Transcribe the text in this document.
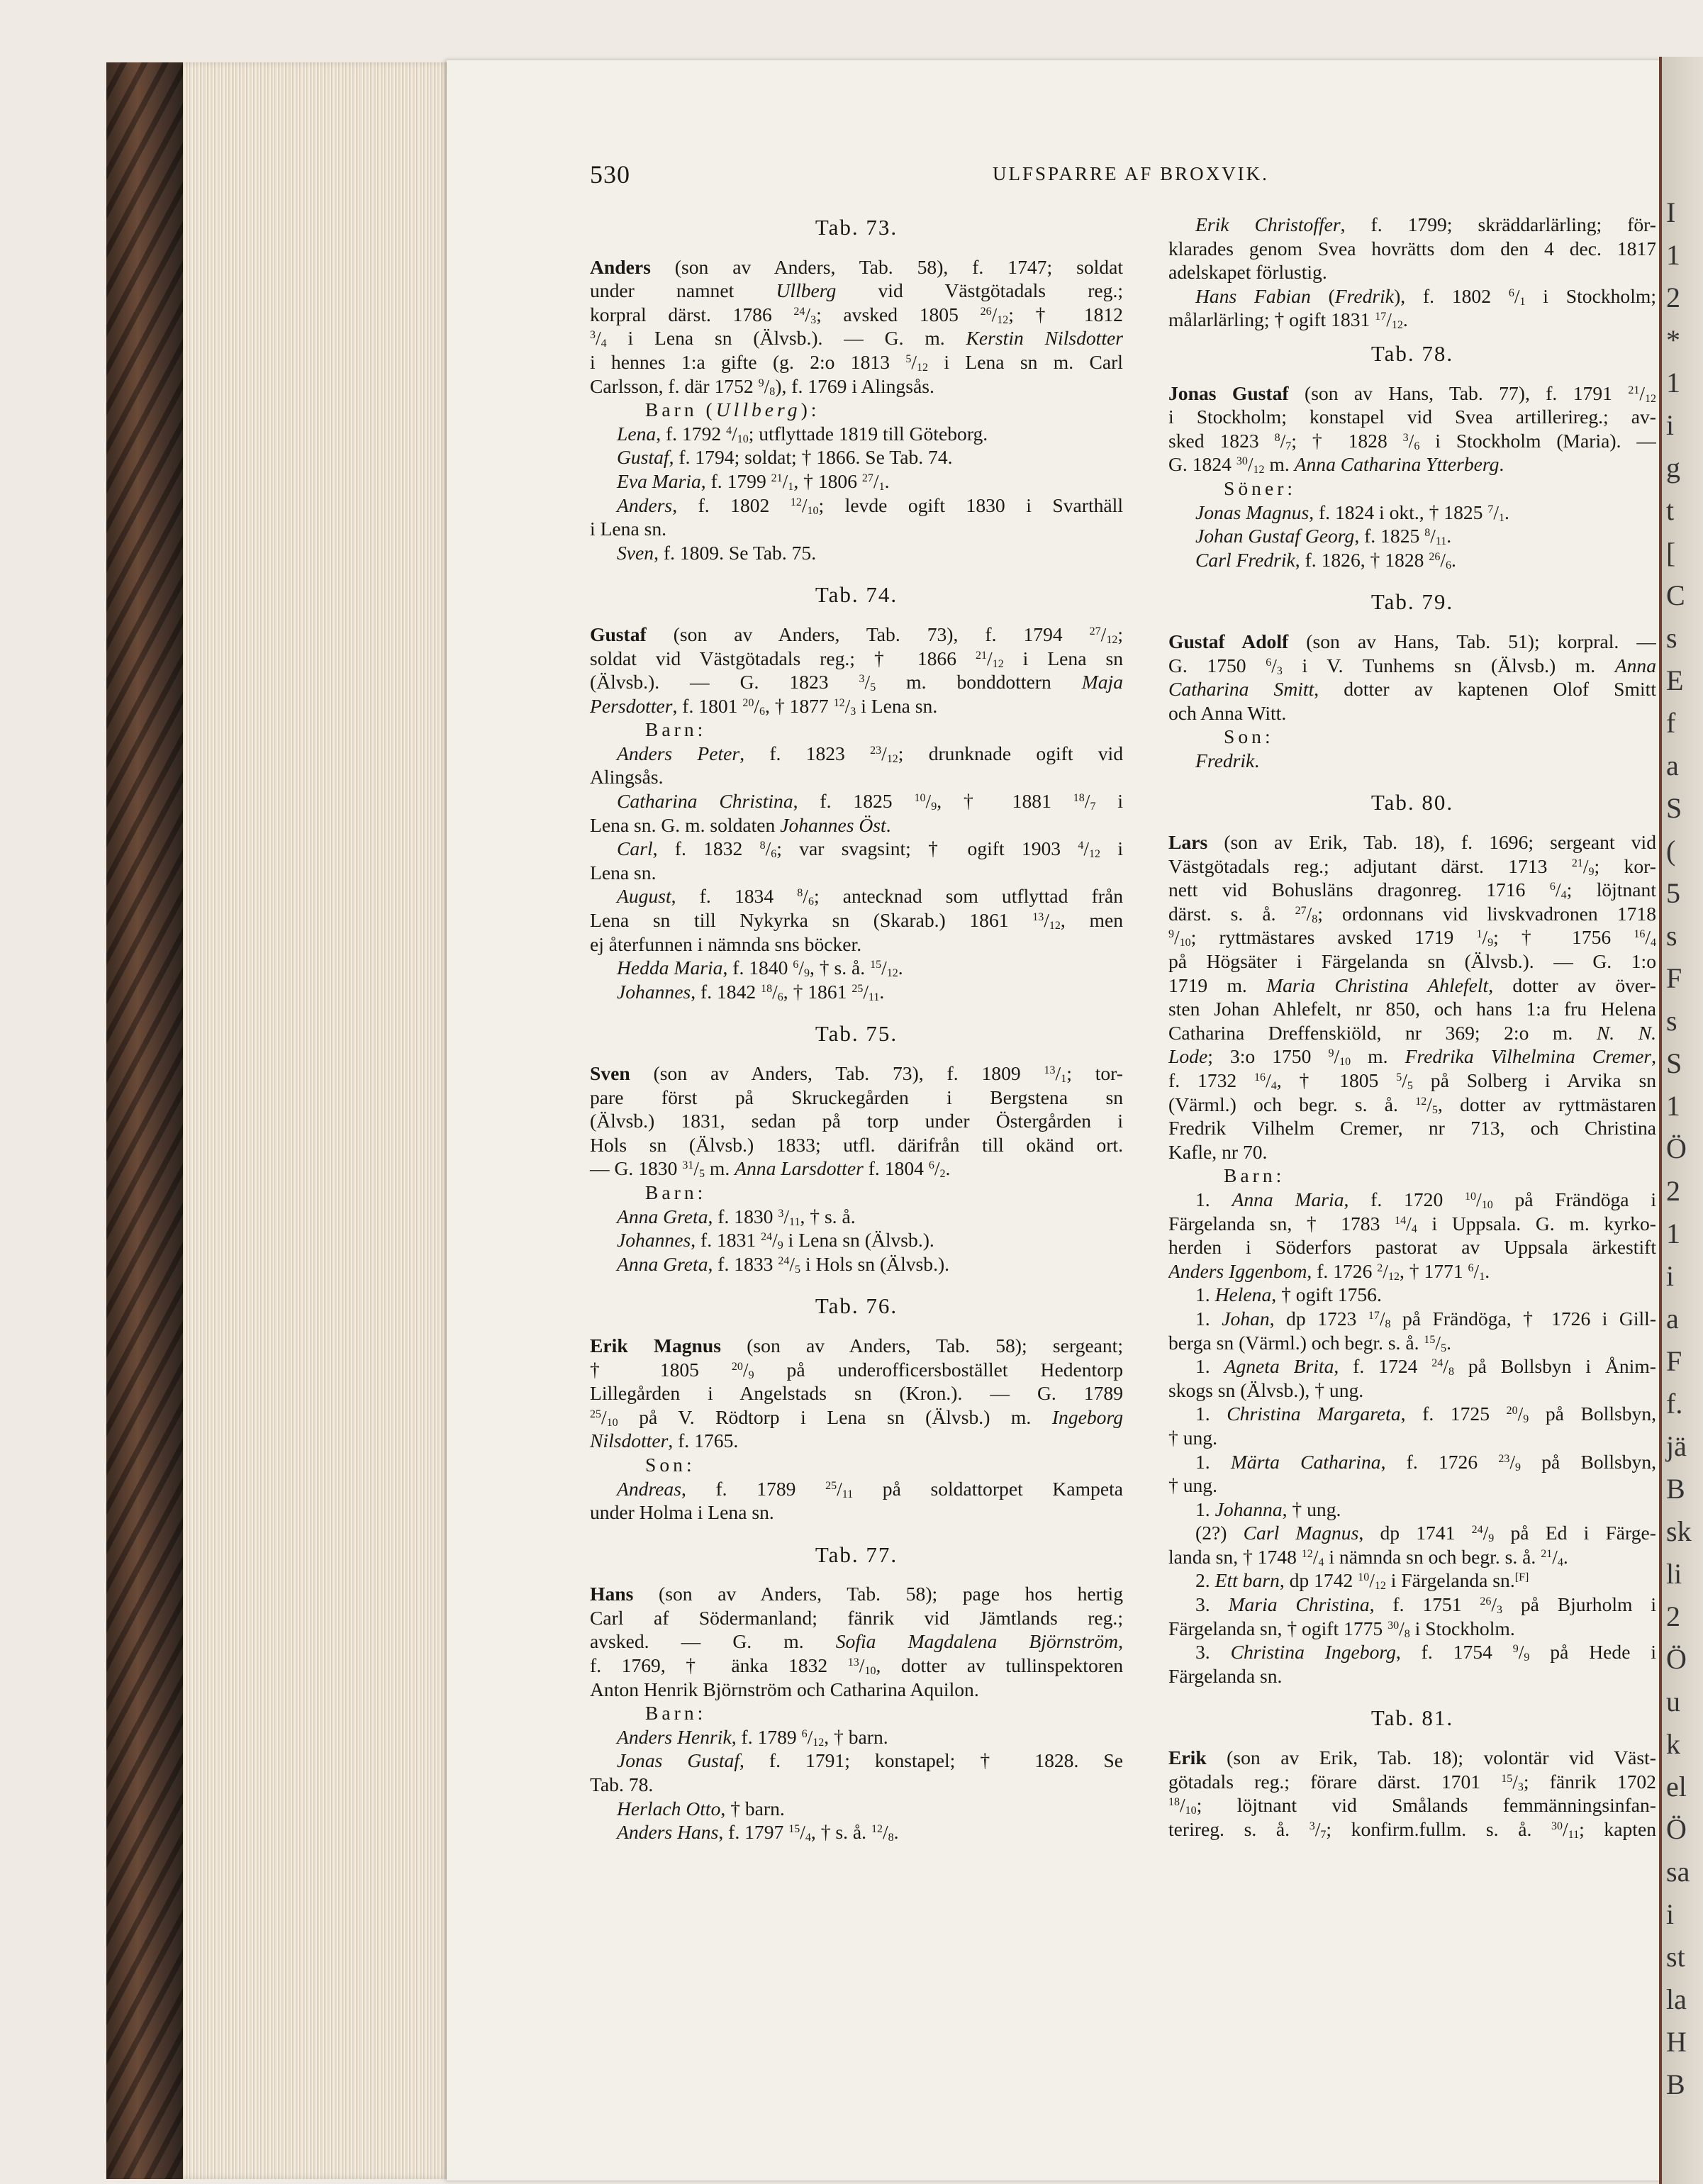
I
1
2
*
1
i
g
t
[
C
s
E
f
a
S
(
5
s
F
s
S
1
Ö
2
1
i
a
F
f.
jä
B
sk
li
2
Ö
u
k
el
Ö
sa
i
st
la
H
B
530	ULFSPARRE AF BROXVIK.
Tab. 73.
Anders (son av Anders, Tab. 58), f. 1747; soldat
under namnet Ullberg vid Västgötadals reg.;
korpral därst. 1786 $^{24}/_3$; avsked 1805 $^{26}/_{12}$; † 1812
$^3/_4$ i Lena sn (Älvsb.). — G. m. Kerstin Nilsdotter
i hennes 1:a gifte (g. 2:o 1813 $^5/_{12}$ i Lena sn m. Carl
Carlsson, f. där 1752 $^9/_8$), f. 1769 i Alingsås.
Barn (Ullberg):
Lena, f. 1792 $^4/_{10}$; utflyttade 1819 till Göteborg.
Gustaf, f. 1794; soldat; † 1866. Se Tab. 74.
Eva Maria, f. 1799 $^{21}/_1$, † 1806 $^{27}/_1$.
Anders, f. 1802 $^{12}/_{10}$; levde ogift 1830 i Svarthäll
i Lena sn.
Sven, f. 1809. Se Tab. 75.
Tab. 74.
Gustaf (son av Anders, Tab. 73), f. 1794 $^{27}/_{12}$;
soldat vid Västgötadals reg.; † 1866 $^{21}/_{12}$ i Lena sn
(Älvsb.). — G. 1823 $^3/_5$ m. bonddottern Maja
Persdotter, f. 1801 $^{20}/_6$, † 1877 $^{12}/_3$ i Lena sn.
Barn:
Anders Peter, f. 1823 $^{23}/_{12}$; drunknade ogift vid
Alingsås.
Catharina Christina, f. 1825 $^{10}/_9$, † 1881 $^{18}/_7$ i
Lena sn. G. m. soldaten Johannes Öst.
Carl, f. 1832 $^8/_6$; var svagsint; † ogift 1903 $^4/_{12}$ i
Lena sn.
August, f. 1834 $^8/_6$; antecknad som utflyttad från
Lena sn till Nykyrka sn (Skarab.) 1861 $^{13}/_{12}$, men
ej återfunnen i nämnda sns böcker.
Hedda Maria, f. 1840 $^6/_9$, † s. å. $^{15}/_{12}$.
Johannes, f. 1842 $^{18}/_6$, † 1861 $^{25}/_{11}$.
Tab. 75.
Sven (son av Anders, Tab. 73), f. 1809 $^{13}/_1$; tor-
pare först på Skruckegården i Bergstena sn
(Älvsb.) 1831, sedan på torp under Östergården i
Hols sn (Älvsb.) 1833; utfl. därifrån till okänd ort.
— G. 1830 $^{31}/_5$ m. Anna Larsdotter f. 1804 $^6/_2$.
Barn:
Anna Greta, f. 1830 $^3/_{11}$, † s. å.
Johannes, f. 1831 $^{24}/_9$ i Lena sn (Älvsb.).
Anna Greta, f. 1833 $^{24}/_5$ i Hols sn (Älvsb.).
Tab. 76.
Erik Magnus (son av Anders, Tab. 58); sergeant;
† 1805 $^{20}/_9$ på underofficersbostället Hedentorp
Lillegården i Angelstads sn (Kron.). — G. 1789
$^{25}/_{10}$ på V. Rödtorp i Lena sn (Älvsb.) m. Ingeborg
Nilsdotter, f. 1765.
Son:
Andreas, f. 1789 $^{25}/_{11}$ på soldattorpet Kampeta
under Holma i Lena sn.
Tab. 77.
Hans (son av Anders, Tab. 58); page hos hertig
Carl af Södermanland; fänrik vid Jämtlands reg.;
avsked. — G. m. Sofia Magdalena Björnström,
f. 1769, † änka 1832 $^{13}/_{10}$, dotter av tullinspektoren
Anton Henrik Björnström och Catharina Aquilon.
Barn:
Anders Henrik, f. 1789 $^6/_{12}$, † barn.
Jonas Gustaf, f. 1791; konstapel; † 1828. Se
Tab. 78.
Herlach Otto, † barn.
Anders Hans, f. 1797 $^{15}/_4$, † s. å. $^{12}/_8$.
Erik Christoffer, f. 1799; skräddarlärling; för-
klarades genom Svea hovrätts dom den 4 dec. 1817
adelskapet förlustig.
Hans Fabian (Fredrik), f. 1802 $^6/_1$ i Stockholm;
målarlärling; † ogift 1831 $^{17}/_{12}$.
Tab. 78.
Jonas Gustaf (son av Hans, Tab. 77), f. 1791 $^{21}/_{12}$
i Stockholm; konstapel vid Svea artillerireg.; av-
sked 1823 $^8/_7$; † 1828 $^3/_6$ i Stockholm (Maria). —
G. 1824 $^{30}/_{12}$ m. Anna Catharina Ytterberg.
Söner:
Jonas Magnus, f. 1824 i okt., † 1825 $^7/_1$.
Johan Gustaf Georg, f. 1825 $^8/_{11}$.
Carl Fredrik, f. 1826, † 1828 $^{26}/_6$.
Tab. 79.
Gustaf Adolf (son av Hans, Tab. 51); korpral. —
G. 1750 $^6/_3$ i V. Tunhems sn (Älvsb.) m. Anna
Catharina Smitt, dotter av kaptenen Olof Smitt
och Anna Witt.
Son:
Fredrik.
Tab. 80.
Lars (son av Erik, Tab. 18), f. 1696; sergeant vid
Västgötadals reg.; adjutant därst. 1713 $^{21}/_9$; kor-
nett vid Bohusläns dragonreg. 1716 $^6/_4$; löjtnant
därst. s. å. $^{27}/_8$; ordonnans vid livskvadronen 1718
$^9/_{10}$; ryttmästares avsked 1719 $^1/_9$; † 1756 $^{16}/_4$
på Högsäter i Färgelanda sn (Älvsb.). — G. 1:o
1719 m. Maria Christina Ahlefelt, dotter av över-
sten Johan Ahlefelt, nr 850, och hans 1:a fru Helena
Catharina Dreffenskiöld, nr 369; 2:o m. N. N.
Lode; 3:o 1750 $^9/_{10}$ m. Fredrika Vilhelmina Cremer,
f. 1732 $^{16}/_4$, † 1805 $^5/_5$ på Solberg i Arvika sn
(Värml.) och begr. s. å. $^{12}/_5$, dotter av ryttmästaren
Fredrik Vilhelm Cremer, nr 713, och Christina
Kafle, nr 70.
Barn:
1. Anna Maria, f. 1720 $^{10}/_{10}$ på Frändöga i
Färgelanda sn, † 1783 $^{14}/_4$ i Uppsala. G. m. kyrko-
herden i Söderfors pastorat av Uppsala ärkestift
Anders Iggenbom, f. 1726 $^2/_{12}$, † 1771 $^6/_1$.
1. Helena, † ogift 1756.
1. Johan, dp 1723 $^{17}/_8$ på Frändöga, † 1726 i Gill-
berga sn (Värml.) och begr. s. å. $^{15}/_5$.
1. Agneta Brita, f. 1724 $^{24}/_8$ på Bollsbyn i Ånim-
skogs sn (Älvsb.), † ung.
1. Christina Margareta, f. 1725 $^{20}/_9$ på Bollsbyn,
† ung.
1. Märta Catharina, f. 1726 $^{23}/_9$ på Bollsbyn,
† ung.
1. Johanna, † ung.
(2?) Carl Magnus, dp 1741 $^{24}/_9$ på Ed i Färge-
landa sn, † 1748 $^{12}/_4$ i nämnda sn och begr. s. å. $^{21}/_4$.
2. Ett barn, dp 1742 $^{10}/_{12}$ i Färgelanda sn.[F]
3. Maria Christina, f. 1751 $^{26}/_3$ på Bjurholm i
Färgelanda sn, † ogift 1775 $^{30}/_8$ i Stockholm.
3. Christina Ingeborg, f. 1754 $^9/_9$ på Hede i
Färgelanda sn.
Tab. 81.
Erik (son av Erik, Tab. 18); volontär vid Väst-
götadals reg.; förare därst. 1701 $^{15}/_3$; fänrik 1702
$^{18}/_{10}$; löjtnant vid Smålands femmänningsinfan-
terireg. s. å. $^3/_7$; konfirm.fullm. s. å. $^{30}/_{11}$; kapten
